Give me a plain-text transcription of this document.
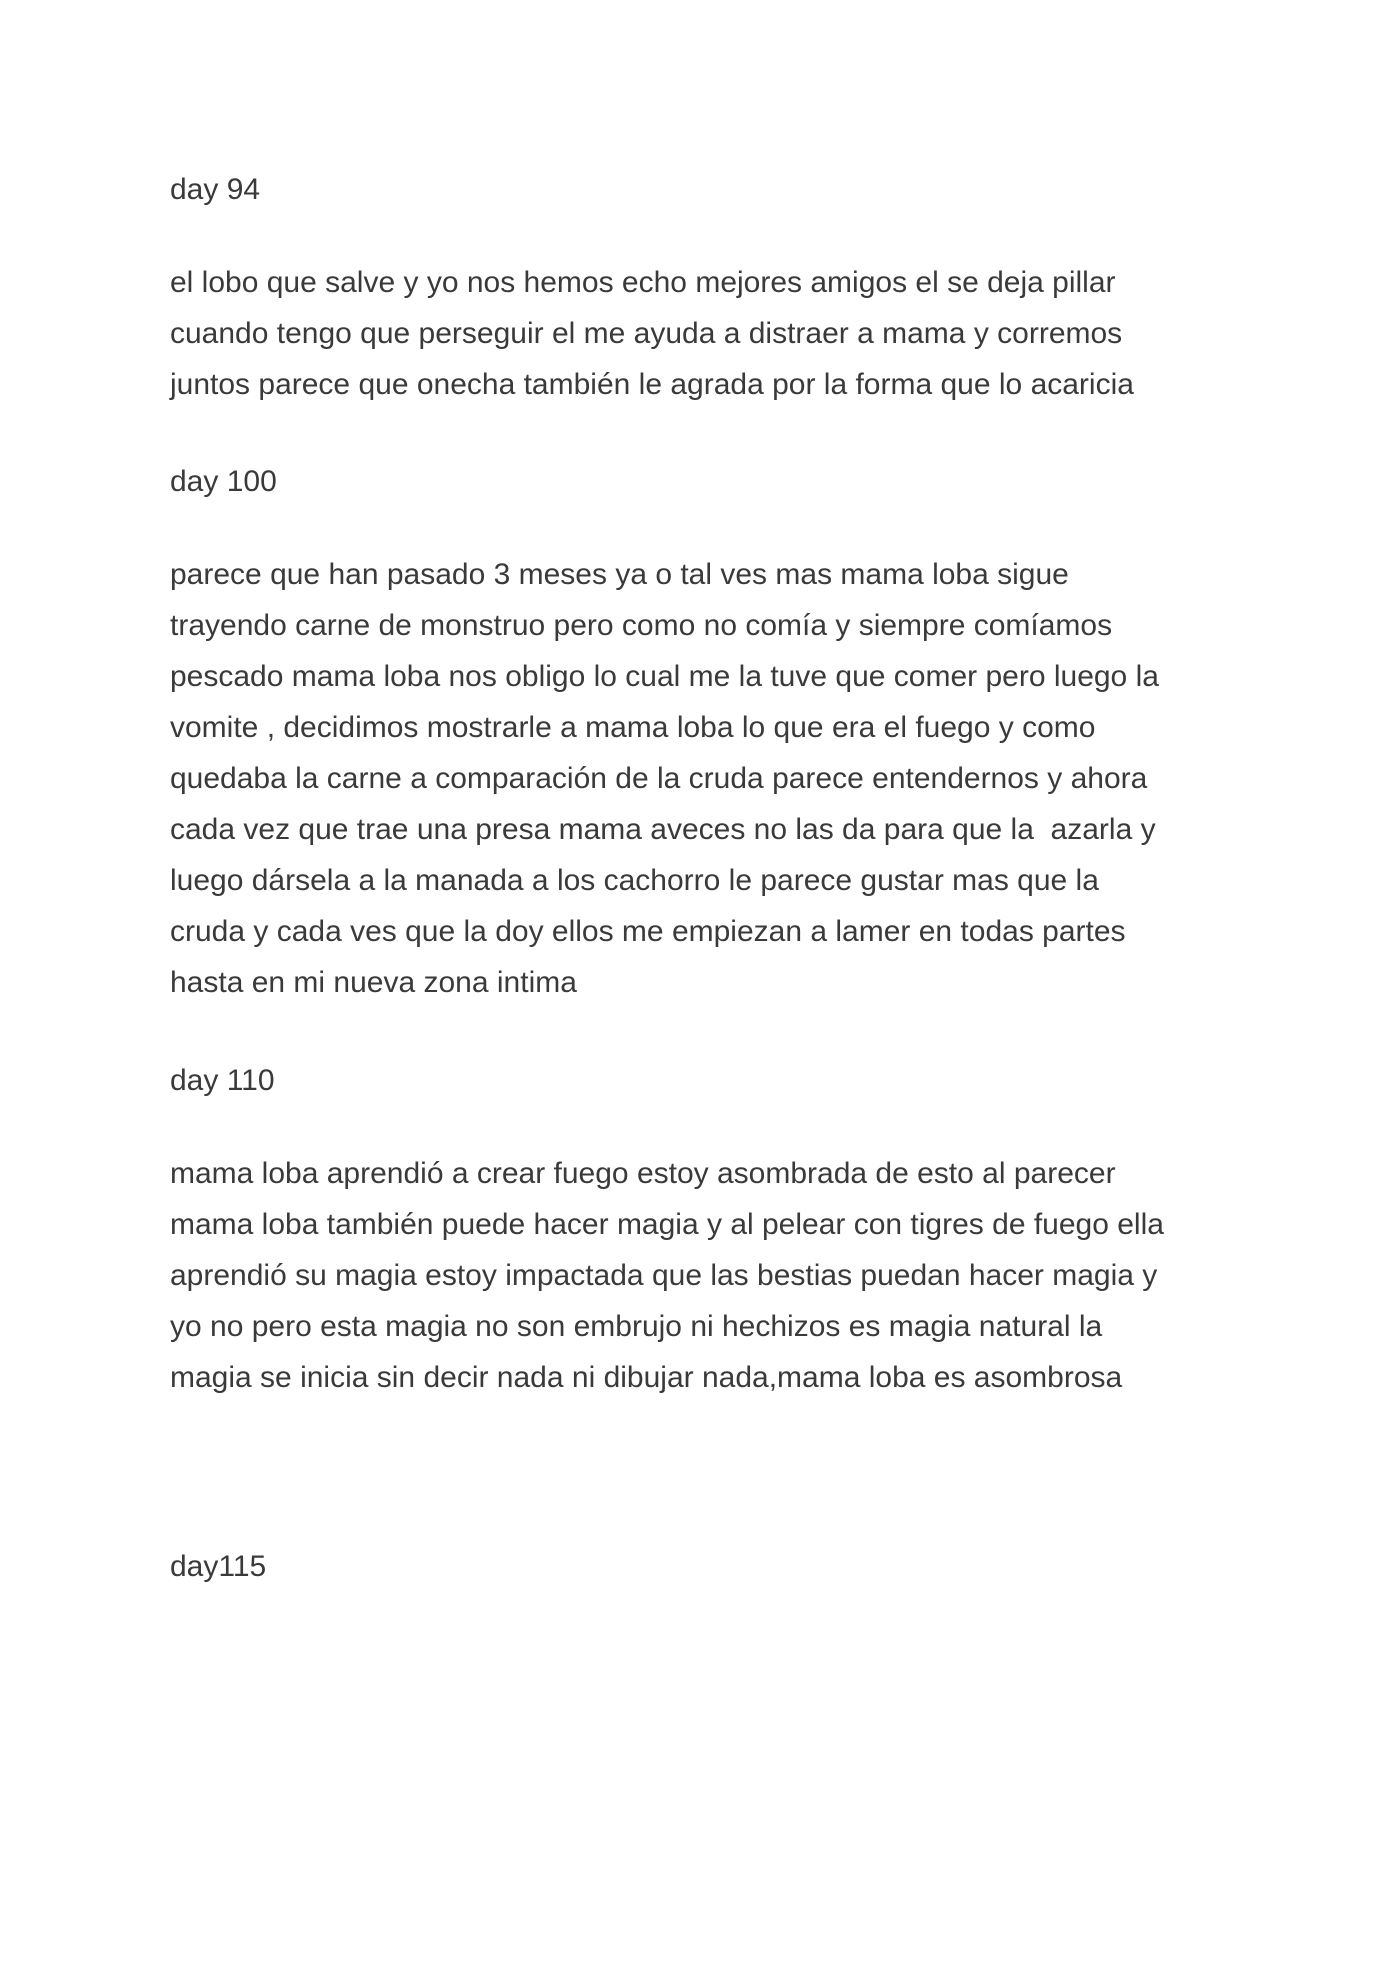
day 94

el lobo que salve y yo nos hemos echo mejores amigos el se deja pillar
cuando tengo que perseguir el me ayuda a distraer a mama y corremos
juntos parece que onecha también le agrada por la forma que lo acaricia

day 100

parece que han pasado 3 meses ya o tal ves mas mama loba sigue
trayendo carne de monstruo pero como no comía y siempre comíamos
pescado mama loba nos obligo lo cual me la tuve que comer pero luego la
vomite , decidimos mostrarle a mama loba lo que era el fuego y como
quedaba la carne a comparación de la cruda parece entendernos y ahora
cada vez que trae una presa mama aveces no las da para que la  azarla y
luego dársela a la manada a los cachorro le parece gustar mas que la
cruda y cada ves que la doy ellos me empiezan a lamer en todas partes
hasta en mi nueva zona intima

day 110

mama loba aprendió a crear fuego estoy asombrada de esto al parecer
mama loba también puede hacer magia y al pelear con tigres de fuego ella
aprendió su magia estoy impactada que las bestias puedan hacer magia y
yo no pero esta magia no son embrujo ni hechizos es magia natural la
magia se inicia sin decir nada ni dibujar nada,mama loba es asombrosa

day115
